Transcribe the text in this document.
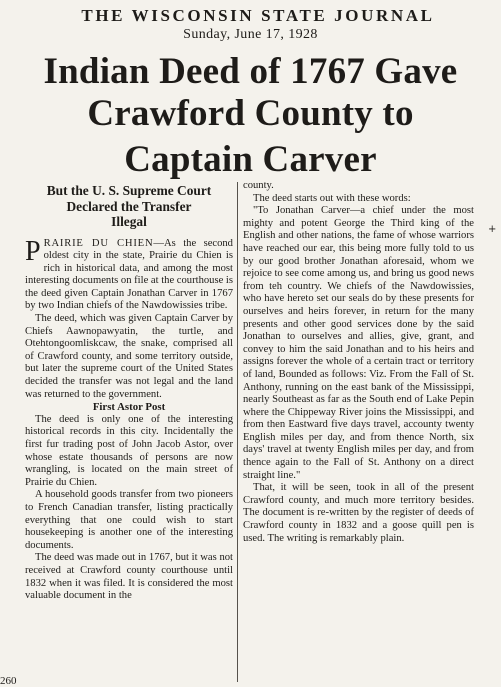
THE WISCONSIN STATE JOURNAL
Sunday, June 17, 1928
Indian Deed of 1767 Gave
Crawford County to
Captain Carver
But the U. S. Supreme Court
Declared the Transfer
Illegal

PRAIRIE DU CHIEN—As the second oldest city in the state, Prairie du Chien is rich in historical data, and among the most interesting documents on file at the courthouse is the deed given Captain Jonathan Carver in 1767 by two Indian chiefs of the Nawdowissies tribe.

The deed, which was given Captain Carver by Chiefs Aawnopawyatin, the turtle, and Otehtongoomliskcaw, the snake, comprised all of Crawford county, and some territory outside, but later the supreme court of the United States decided the transfer was not legal and the land was returned to the government.

First Astor Post

The deed is only one of the interesting historical records in this city. Incidentally the first fur trading post of John Jacob Astor, over whose estate thousands of persons are now wrangling, is located on the main street of Prairie du Chien.

A household goods transfer from two pioneers to French Canadian transfer, listing practically everything that one could wish to start housekeeping is another one of the interesting documents.

The deed was made out in 1767, but it was not received at Crawford county courthouse until 1832 when it was filed. It is considered the most valuable document in the

county.

The deed starts out with these words:

"To Jonathan Carver—a chief under the most mighty and potent George the Third king of the English and other nations, the fame of whose warriors have reached our ear, this being more fully told to us by our good brother Jonathan aforesaid, whom we rejoice to see come among us, and bring us good news from teh country. We chiefs of the Nawdowissies, who have hereto set our seals do by these presents for ourselves and heirs forever, in return for the many presents and other good services done by the said Jonathan to ourselves and allies, give, grant, and convey to him the said Jonathan and to his heirs and assigns forever the whole of a certain tract or territory of land, Bounded as follows: Viz. From the Fall of St. Anthony, running on the east bank of the Mississippi, nearly Southeast as far as the South end of Lake Pepin where the Chippeway River joins the Mississippi, and from then Eastward five days travel, accounty twenty English miles per day, and from thence North, six days' travel at twenty English miles per day, and from thence again to the Fall of St. Anthony on a direct straight line."

That, it will be seen, took in all of the present Crawford county, and much more territory besides. The document is re-written by the register of deeds of Crawford county in 1832 and a goose quill pen is used. The writing is remarkably plain.

+
260
